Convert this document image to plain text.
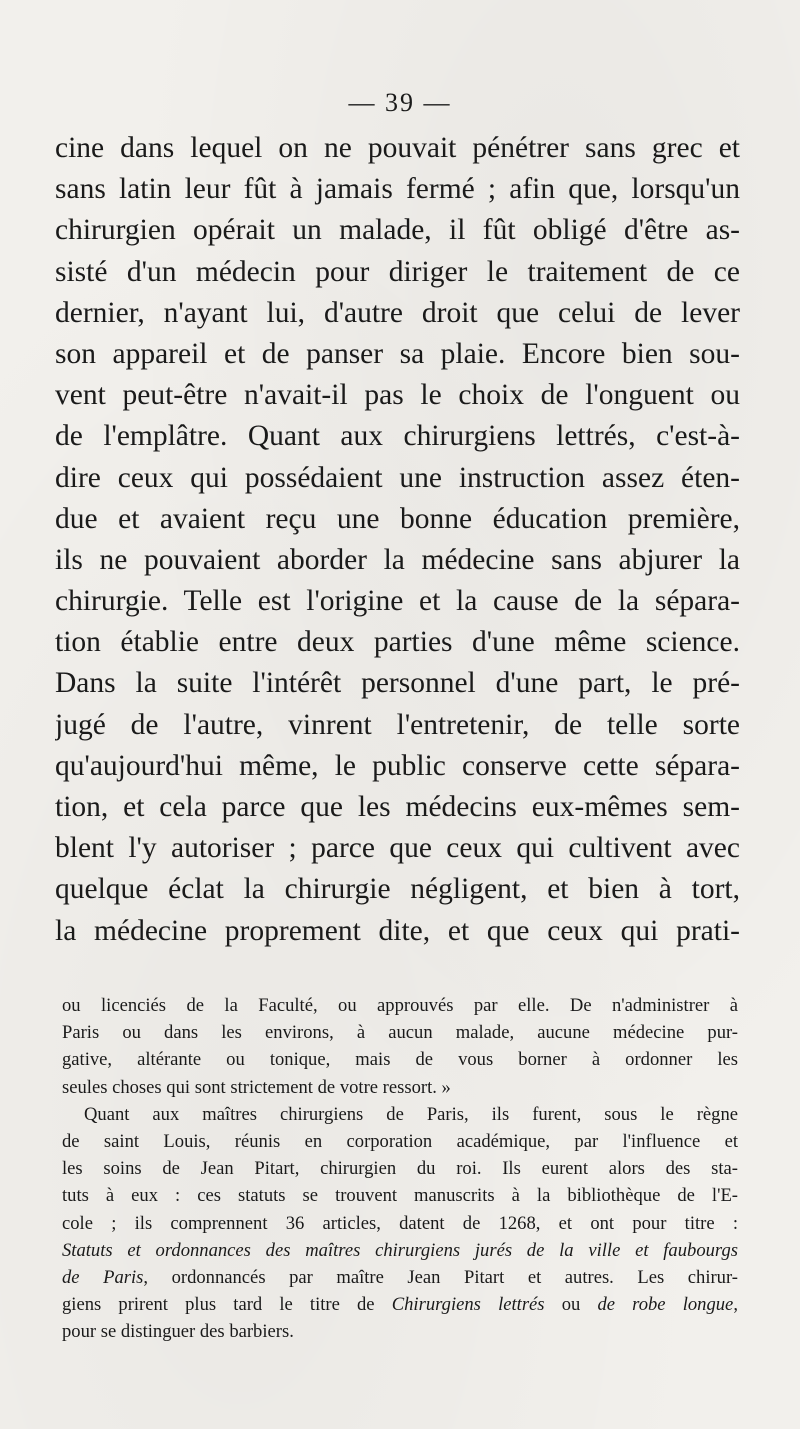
— 39 —
cine dans lequel on ne pouvait pénétrer sans grec et
sans latin leur fût à jamais fermé ; afin que, lorsqu'un
chirurgien opérait un malade, il fût obligé d'être as-
sisté d'un médecin pour diriger le traitement de ce
dernier, n'ayant lui, d'autre droit que celui de lever
son appareil et de panser sa plaie. Encore bien sou-
vent peut-être n'avait-il pas le choix de l'onguent ou
de l'emplâtre. Quant aux chirurgiens lettrés, c'est-à-
dire ceux qui possédaient une instruction assez éten-
due et avaient reçu une bonne éducation première,
ils ne pouvaient aborder la médecine sans abjurer la
chirurgie. Telle est l'origine et la cause de la sépara-
tion établie entre deux parties d'une même science.
Dans la suite l'intérêt personnel d'une part, le pré-
jugé de l'autre, vinrent l'entretenir, de telle sorte
qu'aujourd'hui même, le public conserve cette sépara-
tion, et cela parce que les médecins eux-mêmes sem-
blent l'y autoriser ; parce que ceux qui cultivent avec
quelque éclat la chirurgie négligent, et bien à tort,
la médecine proprement dite, et que ceux qui prati-
ou licenciés de la Faculté, ou approuvés par elle. De n'administrer à
Paris ou dans les environs, à aucun malade, aucune médecine pur-
gative, altérante ou tonique, mais de vous borner à ordonner les
seules choses qui sont strictement de votre ressort. »
Quant aux maîtres chirurgiens de Paris, ils furent, sous le règne
de saint Louis, réunis en corporation académique, par l'influence et
les soins de Jean Pitart, chirurgien du roi. Ils eurent alors des sta-
tuts à eux : ces statuts se trouvent manuscrits à la bibliothèque de l'E-
cole ; ils comprennent 36 articles, datent de 1268, et ont pour titre :
Statuts et ordonnances des maîtres chirurgiens jurés de la ville et faubourgs
de Paris, ordonnancés par maître Jean Pitart et autres. Les chirur-
giens prirent plus tard le titre de Chirurgiens lettrés ou de robe longue,
pour se distinguer des barbiers.
